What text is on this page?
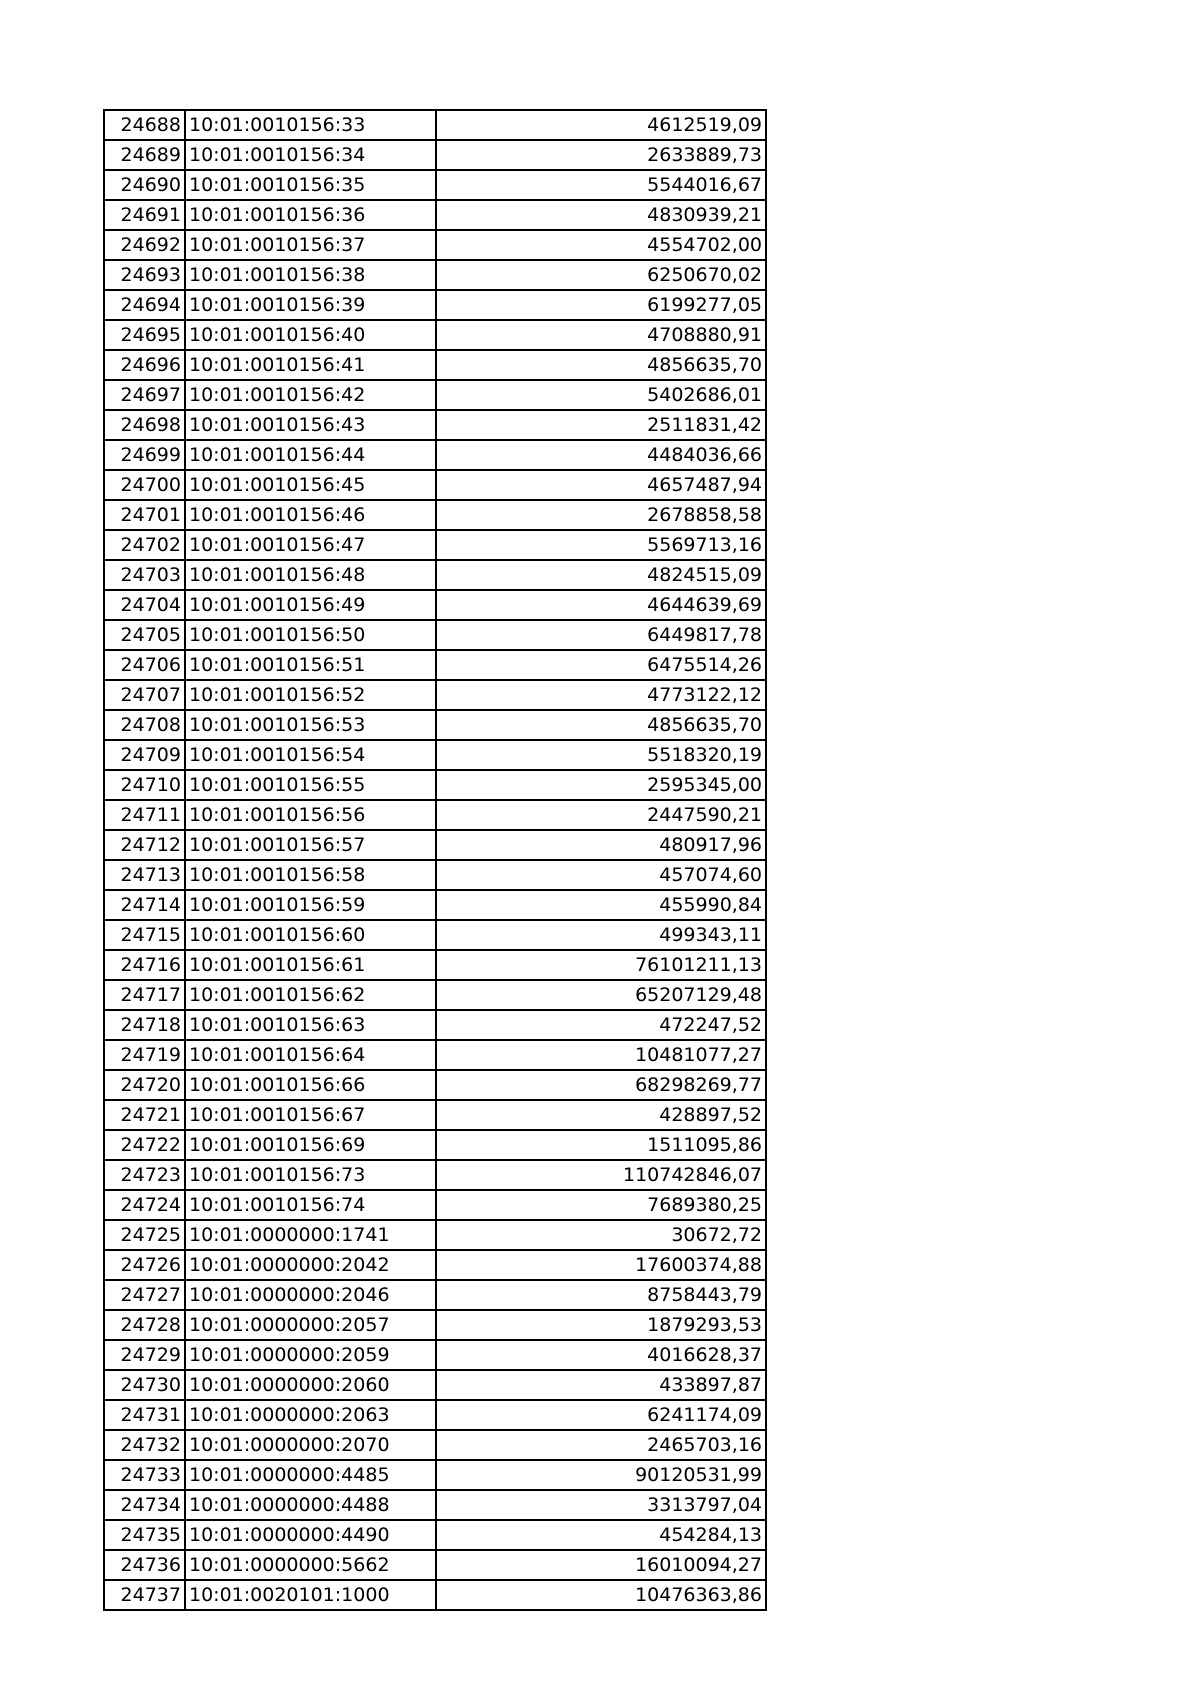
24688	10:01:0010156:33	4612519,09
24689	10:01:0010156:34	2633889,73
24690	10:01:0010156:35	5544016,67
24691	10:01:0010156:36	4830939,21
24692	10:01:0010156:37	4554702,00
24693	10:01:0010156:38	6250670,02
24694	10:01:0010156:39	6199277,05
24695	10:01:0010156:40	4708880,91
24696	10:01:0010156:41	4856635,70
24697	10:01:0010156:42	5402686,01
24698	10:01:0010156:43	2511831,42
24699	10:01:0010156:44	4484036,66
24700	10:01:0010156:45	4657487,94
24701	10:01:0010156:46	2678858,58
24702	10:01:0010156:47	5569713,16
24703	10:01:0010156:48	4824515,09
24704	10:01:0010156:49	4644639,69
24705	10:01:0010156:50	6449817,78
24706	10:01:0010156:51	6475514,26
24707	10:01:0010156:52	4773122,12
24708	10:01:0010156:53	4856635,70
24709	10:01:0010156:54	5518320,19
24710	10:01:0010156:55	2595345,00
24711	10:01:0010156:56	2447590,21
24712	10:01:0010156:57	480917,96
24713	10:01:0010156:58	457074,60
24714	10:01:0010156:59	455990,84
24715	10:01:0010156:60	499343,11
24716	10:01:0010156:61	76101211,13
24717	10:01:0010156:62	65207129,48
24718	10:01:0010156:63	472247,52
24719	10:01:0010156:64	10481077,27
24720	10:01:0010156:66	68298269,77
24721	10:01:0010156:67	428897,52
24722	10:01:0010156:69	1511095,86
24723	10:01:0010156:73	110742846,07
24724	10:01:0010156:74	7689380,25
24725	10:01:0000000:1741	30672,72
24726	10:01:0000000:2042	17600374,88
24727	10:01:0000000:2046	8758443,79
24728	10:01:0000000:2057	1879293,53
24729	10:01:0000000:2059	4016628,37
24730	10:01:0000000:2060	433897,87
24731	10:01:0000000:2063	6241174,09
24732	10:01:0000000:2070	2465703,16
24733	10:01:0000000:4485	90120531,99
24734	10:01:0000000:4488	3313797,04
24735	10:01:0000000:4490	454284,13
24736	10:01:0000000:5662	16010094,27
24737	10:01:0020101:1000	10476363,86
